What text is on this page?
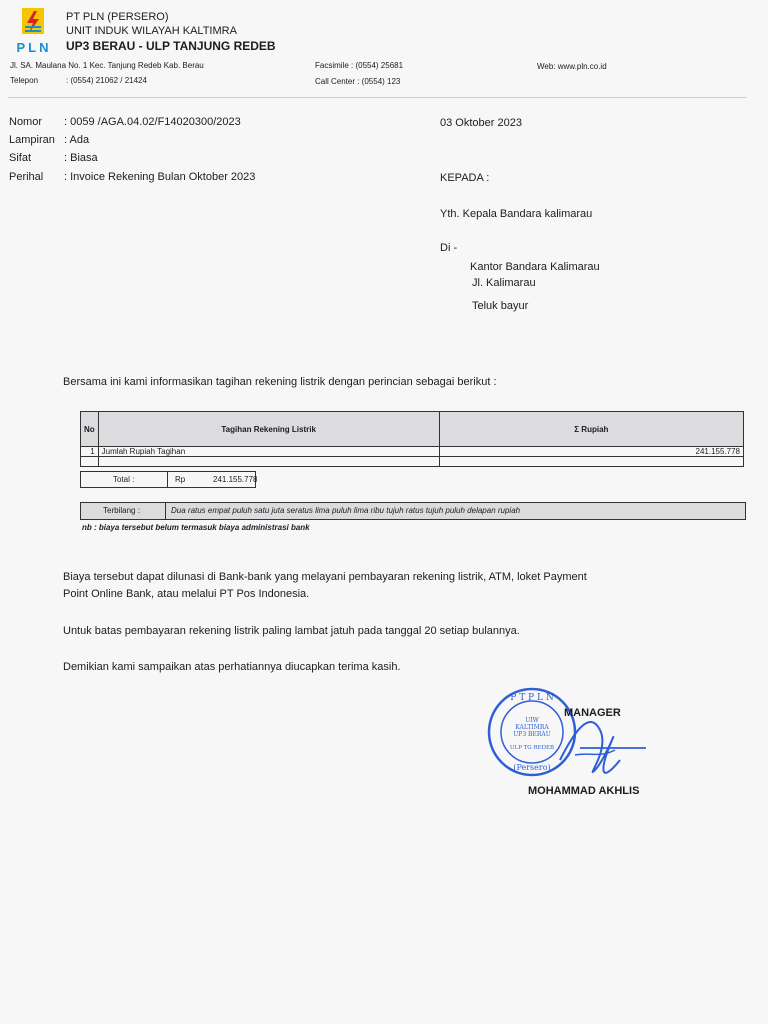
PLN
PT PLN (PERSERO)
UNIT INDUK WILAYAH KALTIMRA
UP3 BERAU - ULP TANJUNG REDEB
Jl. SA. Maulana No. 1 Kec. Tanjung Redeb Kab. Berau	Facsimile : (0554) 25681	Web: www.pln.co.id
Telepon	: (0554) 21062 / 21424	Call Center : (0554) 123
Nomor : 0059 /AGA.04.02/F14020300/2023
Lampiran : Ada
Sifat	: Biasa
Perihal : Invoice Rekening Bulan Oktober 2023
03 Oktober 2023
KEPADA :
Yth. Kepala Bandara kalimarau
Di -
Kantor Bandara Kalimarau
Jl. Kalimarau
Teluk bayur
Bersama ini kami informasikan tagihan rekening listrik dengan perincian sebagai berikut :
No	Tagihan Rekening Listrik	Σ Rupiah
1	Jumlah Rupiah Tagihan	241.155.778

Total :	Rp	241.155.778
Terbilang :	Dua ratus empat puluh satu juta seratus lima puluh lima ribu tujuh ratus tujuh puluh delapan rupiah
nb : biaya tersebut belum termasuk biaya administrasi bank
Biaya tersebut dapat dilunasi di Bank-bank yang melayani pembayaran rekening listrik, ATM, loket Payment
Point Online Bank, atau melalui PT Pos Indonesia.
Untuk batas pembayaran rekening listrik paling lambat jatuh pada tanggal 20 setiap bulannya.
Demikian kami sampaikan atas perhatiannya diucapkan terima kasih.
P T P L N
UIW
KALTIMRA
UP3 BERAU
ULP TG REDEB
(Persero)
MANAGER
MOHAMMAD AKHLIS
